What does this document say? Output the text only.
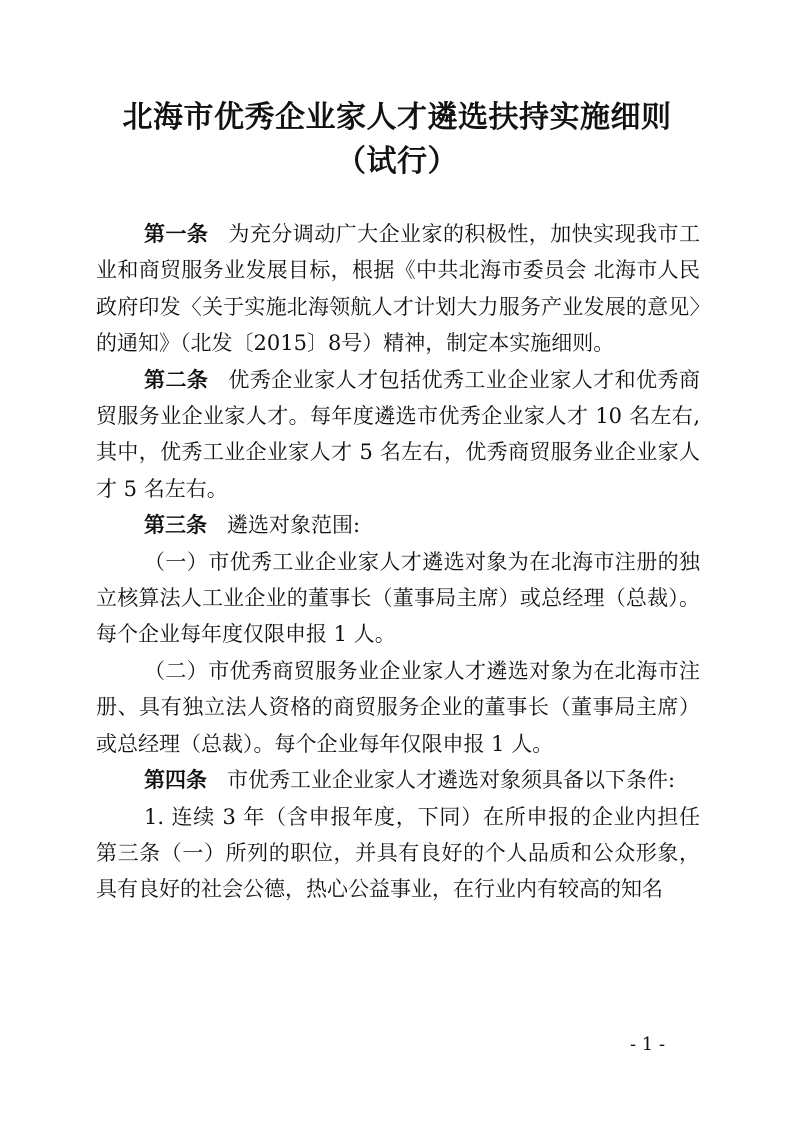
北海市优秀企业家人才遴选扶持实施细则
（试行）

第一条 为充分调动广大企业家的积极性，加快实现我市工业和商贸服务业发展目标，根据《中共北海市委员会 北海市人民政府印发〈关于实施北海领航人才计划大力服务产业发展的意见〉的通知》（北发〔2015〕8号）精神，制定本实施细则。

第二条 优秀企业家人才包括优秀工业企业家人才和优秀商贸服务业企业家人才。每年度遴选市优秀企业家人才 10 名左右, 其中，优秀工业企业家人才 5 名左右，优秀商贸服务业企业家人才 5 名左右。

第三条 遴选对象范围:

（一）市优秀工业企业家人才遴选对象为在北海市注册的独立核算法人工业企业的董事长（董事局主席）或总经理（总裁）。每个企业每年度仅限申报 1 人。

（二）市优秀商贸服务业企业家人才遴选对象为在北海市注册、具有独立法人资格的商贸服务企业的董事长（董事局主席）或总经理（总裁）。每个企业每年仅限申报 1 人。

第四条 市优秀工业企业家人才遴选对象须具备以下条件:

1. 连续 3 年（含申报年度，下同）在所申报的企业内担任第三条（一）所列的职位，并具有良好的个人品质和公众形象，具有良好的社会公德，热心公益事业，在行业内有较高的知名

- 1 -
